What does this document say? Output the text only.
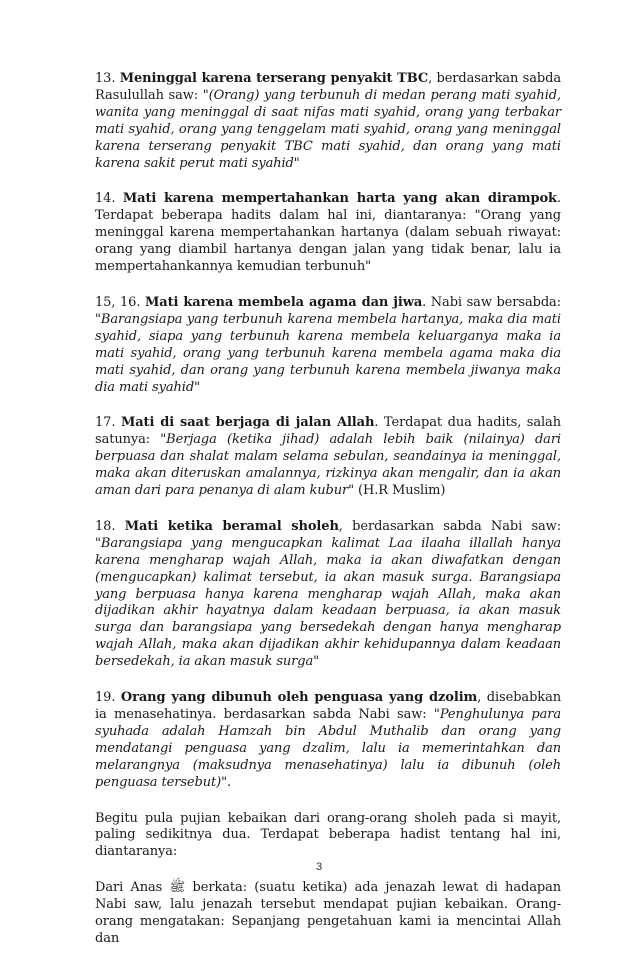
13. Meninggal karena terserang penyakit TBC, berdasarkan sabda Rasulullah saw: "(Orang) yang terbunuh di medan perang mati syahid, wanita yang meninggal di saat nifas mati syahid, orang yang terbakar mati syahid, orang yang tenggelam mati syahid, orang yang meninggal karena terserang penyakit TBC mati syahid, dan orang yang mati karena sakit perut mati syahid"

14. Mati karena mempertahankan harta yang akan dirampok. Terdapat beberapa hadits dalam hal ini, diantaranya: "Orang yang meninggal karena mempertahankan hartanya (dalam sebuah riwayat: orang yang diambil hartanya dengan jalan yang tidak benar, lalu ia mempertahankannya kemudian terbunuh"

15, 16. Mati karena membela agama dan jiwa. Nabi saw bersabda: "Barangsiapa yang terbunuh karena membela hartanya, maka dia mati syahid, siapa yang terbunuh karena membela keluarganya maka ia mati syahid, orang yang terbunuh karena membela agama maka dia mati syahid, dan orang yang terbunuh karena membela jiwanya maka dia mati syahid"

17. Mati di saat berjaga di jalan Allah. Terdapat dua hadits, salah satunya: "Berjaga (ketika jihad) adalah lebih baik (nilainya) dari berpuasa dan shalat malam selama sebulan, seandainya ia meninggal, maka akan diteruskan amalannya, rizkinya akan mengalir, dan ia akan aman dari para penanya di alam kubur" (H.R Muslim)

18. Mati ketika beramal sholeh, berdasarkan sabda Nabi saw: "Barangsiapa yang mengucapkan kalimat Laa ilaaha illallah hanya karena mengharap wajah Allah, maka ia akan diwafatkan dengan (mengucapkan) kalimat tersebut, ia akan masuk surga. Barangsiapa yang berpuasa hanya karena mengharap wajah Allah, maka akan dijadikan akhir hayatnya dalam keadaan berpuasa, ia akan masuk surga dan barangsiapa yang bersedekah dengan hanya mengharap wajah Allah, maka akan dijadikan akhir kehidupannya dalam keadaan bersedekah, ia akan masuk surga"

19. Orang yang dibunuh oleh penguasa yang dzolim, disebabkan ia menasehatinya. berdasarkan sabda Nabi saw: "Penghulunya para syuhada adalah Hamzah bin Abdul Muthalib dan orang yang mendatangi penguasa yang dzalim, lalu ia memerintahkan dan melarangnya (maksudnya menasehatinya) lalu ia dibunuh (oleh penguasa tersebut)".

Begitu pula pujian kebaikan dari orang-orang sholeh pada si mayit, paling sedikitnya dua. Terdapat beberapa hadist tentang hal ini, diantaranya:

Dari Anas ﷺ berkata: (suatu ketika) ada jenazah lewat di hadapan Nabi saw, lalu jenazah tersebut mendapat pujian kebaikan. Orang-orang mengatakan: Sepanjang pengetahuan kami ia mencintai Allah dan

3
